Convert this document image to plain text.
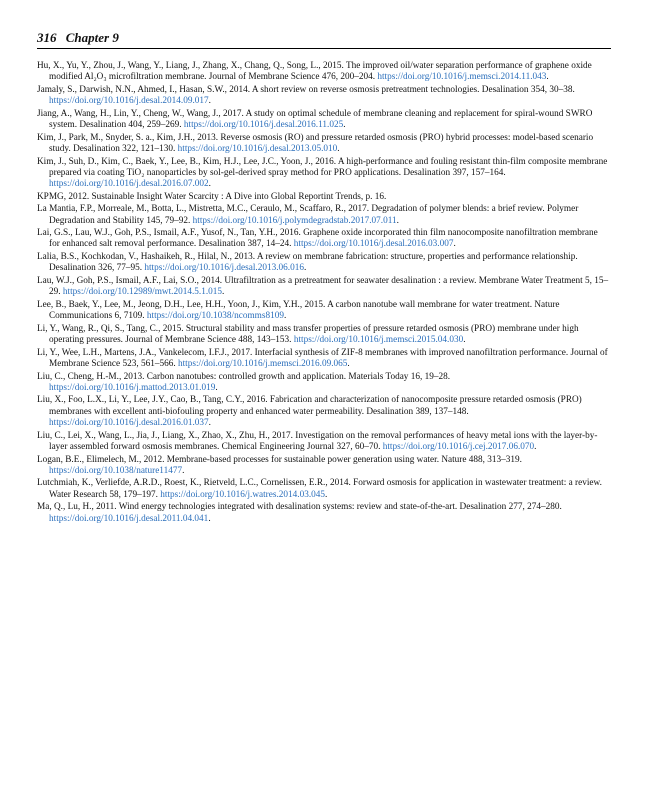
316 Chapter 9

Hu, X., Yu, Y., Zhou, J., Wang, Y., Liang, J., Zhang, X., Chang, Q., Song, L., 2015. The improved oil/water separation performance of graphene oxide modified Al₂O₃ microfiltration membrane. Journal of Membrane Science 476, 200–204. https://doi.org/10.1016/j.memsci.2014.11.043.

Jamaly, S., Darwish, N.N., Ahmed, I., Hasan, S.W., 2014. A short review on reverse osmosis pretreatment technologies. Desalination 354, 30–38. https://doi.org/10.1016/j.desal.2014.09.017.

Jiang, A., Wang, H., Lin, Y., Cheng, W., Wang, J., 2017. A study on optimal schedule of membrane cleaning and replacement for spiral-wound SWRO system. Desalination 404, 259–269. https://doi.org/10.1016/j.desal.2016.11.025.

Kim, J., Park, M., Snyder, S. a., Kim, J.H., 2013. Reverse osmosis (RO) and pressure retarded osmosis (PRO) hybrid processes: model-based scenario study. Desalination 322, 121–130. https://doi.org/10.1016/j.desal.2013.05.010.

Kim, J., Suh, D., Kim, C., Baek, Y., Lee, B., Kim, H.J., Lee, J.C., Yoon, J., 2016. A high-performance and fouling resistant thin-film composite membrane prepared via coating TiO₂ nanoparticles by sol-gel-derived spray method for PRO applications. Desalination 397, 157–164. https://doi.org/10.1016/j.desal.2016.07.002.

KPMG, 2012. Sustainable Insight Water Scarcity : A Dive into Global Reportint Trends, p. 16.

La Mantia, F.P., Morreale, M., Botta, L., Mistretta, M.C., Ceraulo, M., Scaffaro, R., 2017. Degradation of polymer blends: a brief review. Polymer Degradation and Stability 145, 79–92. https://doi.org/10.1016/j.polymdegradstab.2017.07.011.

Lai, G.S., Lau, W.J., Goh, P.S., Ismail, A.F., Yusof, N., Tan, Y.H., 2016. Graphene oxide incorporated thin film nanocomposite nanofiltration membrane for enhanced salt removal performance. Desalination 387, 14–24. https://doi.org/10.1016/j.desal.2016.03.007.

Lalia, B.S., Kochkodan, V., Hashaikeh, R., Hilal, N., 2013. A review on membrane fabrication: structure, properties and performance relationship. Desalination 326, 77–95. https://doi.org/10.1016/j.desal.2013.06.016.

Lau, W.J., Goh, P.S., Ismail, A.F., Lai, S.O., 2014. Ultrafiltration as a pretreatment for seawater desalination : a review. Membrane Water Treatment 5, 15–29. https://doi.org/10.12989/mwt.2014.5.1.015.

Lee, B., Baek, Y., Lee, M., Jeong, D.H., Lee, H.H., Yoon, J., Kim, Y.H., 2015. A carbon nanotube wall membrane for water treatment. Nature Communications 6, 7109. https://doi.org/10.1038/ncomms8109.

Li, Y., Wang, R., Qi, S., Tang, C., 2015. Structural stability and mass transfer properties of pressure retarded osmosis (PRO) membrane under high operating pressures. Journal of Membrane Science 488, 143–153. https://doi.org/10.1016/j.memsci.2015.04.030.

Li, Y., Wee, L.H., Martens, J.A., Vankelecom, I.F.J., 2017. Interfacial synthesis of ZIF-8 membranes with improved nanofiltration performance. Journal of Membrane Science 523, 561–566. https://doi.org/10.1016/j.memsci.2016.09.065.

Liu, C., Cheng, H.-M., 2013. Carbon nanotubes: controlled growth and application. Materials Today 16, 19–28. https://doi.org/10.1016/j.mattod.2013.01.019.

Liu, X., Foo, L.X., Li, Y., Lee, J.Y., Cao, B., Tang, C.Y., 2016. Fabrication and characterization of nanocomposite pressure retarded osmosis (PRO) membranes with excellent anti-biofouling property and enhanced water permeability. Desalination 389, 137–148. https://doi.org/10.1016/j.desal.2016.01.037.

Liu, C., Lei, X., Wang, L., Jia, J., Liang, X., Zhao, X., Zhu, H., 2017. Investigation on the removal performances of heavy metal ions with the layer-by-layer assembled forward osmosis membranes. Chemical Engineering Journal 327, 60–70. https://doi.org/10.1016/j.cej.2017.06.070.

Logan, B.E., Elimelech, M., 2012. Membrane-based processes for sustainable power generation using water. Nature 488, 313–319. https://doi.org/10.1038/nature11477.

Lutchmiah, K., Verliefde, A.R.D., Roest, K., Rietveld, L.C., Cornelissen, E.R., 2014. Forward osmosis for application in wastewater treatment: a review. Water Research 58, 179–197. https://doi.org/10.1016/j.watres.2014.03.045.

Ma, Q., Lu, H., 2011. Wind energy technologies integrated with desalination systems: review and state-of-the-art. Desalination 277, 274–280. https://doi.org/10.1016/j.desal.2011.04.041.
